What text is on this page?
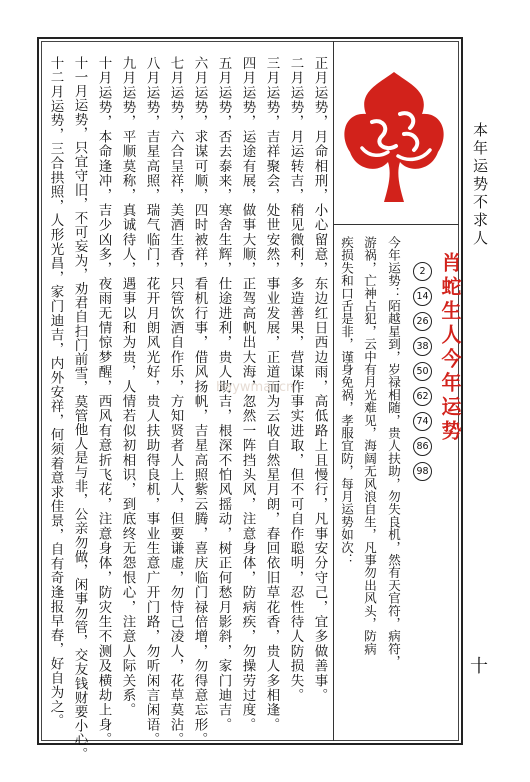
本年运势不求人
十
肖蛇生人今年运势
2
14
26
38
50
62
74
86
98
今年运势：陌越星到，岁禄相随，贵人扶助，勿失良机，然有天官符，病符，
游祸，亡神占犯，云中有月光难见，海阔无风浪自生，凡事勿出风头，防病
疾损失和口舌是非，谨身免祸，孝服宜防，每月运势如次：
正月运势，月命相刑，小心留意，东边红日西边雨，高低路上且慢行，凡事安分守己，宜多做善事。
二月运势，月运转吉，稍见微利，多造善果，营谋作事实进取，但不可自作聪明，忍性待人防损失。
三月运势，吉祥聚会，处世安然，事业发展，正道而为云收自然星月朗，春回依旧草花香，贵人多相逢。
四月运势，运途有展，做事大顺，正驾高帆出大海，忽然一阵挡头风，注意身体，防病疾，勿操劳过度。
五月运势，否去泰来，寒舍生辉，仕途进利，贵人助吉，根深不怕风摇动，树正何愁月影斜，家门迪吉。
六月运势，求谋可顺，四时被祥，看机行事，借风扬帆，吉星高照紫云腾，喜庆临门禄倍增，勿得意忘形。
七月运势，六合呈祥，美酒生香，只管饮酒自作乐，方知贤者人上人，但要谦虚，勿恃己凌人，花草莫沾。
八月运势，吉星高照，瑞气临门，花开月朗风光好，贵人扶助得良机，事业生意广开门路，勿听闲言闲语。
九月运势，平顺莫称，真诚待人，遇事以和为贵，人情若似初相识，到底终无怨恨心，注意人际关系。
十月运势，本命逢冲，吉少凶多，夜雨无情惊梦醒，西风有意折飞花，注意身体，防灾生不测及横劫上身。
十一月运势，只宜守旧，不可妄为，劝君自扫门前雪，莫管他人是与非，公亲勿做，闲事勿管，交友钱财要小心。
十二月运势，三合拱照，人形光昌，家门迪吉，内外安祥，何须着意求佳景，自有奇逢报早春，好自为之。	haywmal.cn
